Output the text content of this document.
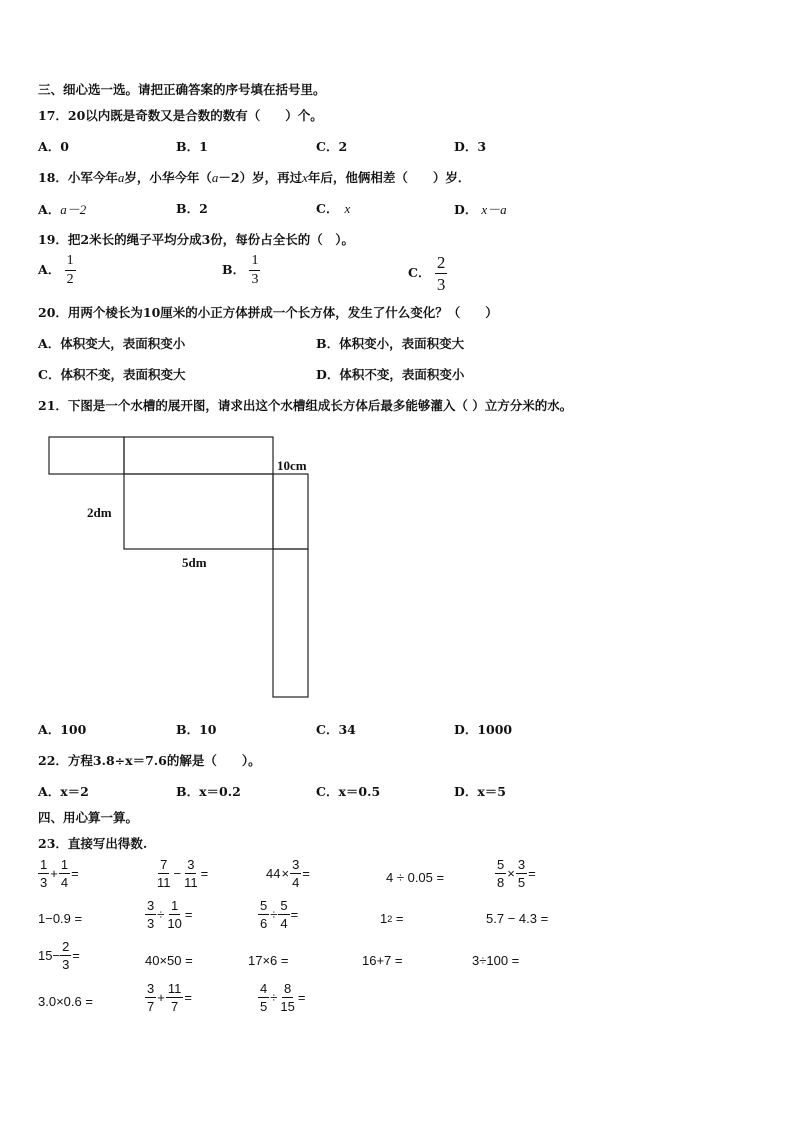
三、细心选一选。请把正确答案的序号填在括号里。
17．20以内既是奇数又是合数的数有（　　）个。
A．0	B．1	C．2	D．3
18．小军今年a岁，小华今年（a－2）岁，再过x年后，他俩相差（　　）岁．
A．a－2	B．2	C． x	D． x－a
19．把2米长的绳子平均分成3份，每份占全长的（　）。
A． $\frac{1}{2}$	B． $\frac{1}{3}$	C． $\frac{2}{3}$
20．用两个棱长为10厘米的小正方体拼成一个长方体，发生了什么变化？（　　）
A．体积变大，表面积变小	B．体积变小，表面积变大
C．体积不变，表面积变大	D．体积不变，表面积变小
21．下图是一个水槽的展开图，请求出这个水槽组成长方体后最多能够灌入（ ）立方分米的水。
10cm
2dm
5dm
A．100	B．10	C．34	D．1000
22．方程3.8÷x＝7.6的解是（　　）。
A．x＝2	B．x＝0.2	C．x＝0.5	D．x＝5
四、用心算一算。
23．直接写出得数.
$\frac{1}{3} + \frac{1}{4}$ =	$\frac{7}{11} - \frac{3}{11}$ =	$44 \times \frac{3}{4}$ =	4 ÷ 0.05 =	$\frac{5}{8} \times \frac{3}{5}$ =
1−0.9 =	$\frac{3}{3} \div \frac{1}{10}$ =	$\frac{5}{6} \div \frac{5}{4}$ =	1 2 =	5.7 − 4.3 =
$15- \frac{2}{3}$ =	40×50 =	17×6 =	16+7 =	3÷100 =
3.0×0.6 =	$\frac{3}{7} + \frac{11}{7}$ =	$\frac{4}{5} \div \frac{8}{15}$ =
